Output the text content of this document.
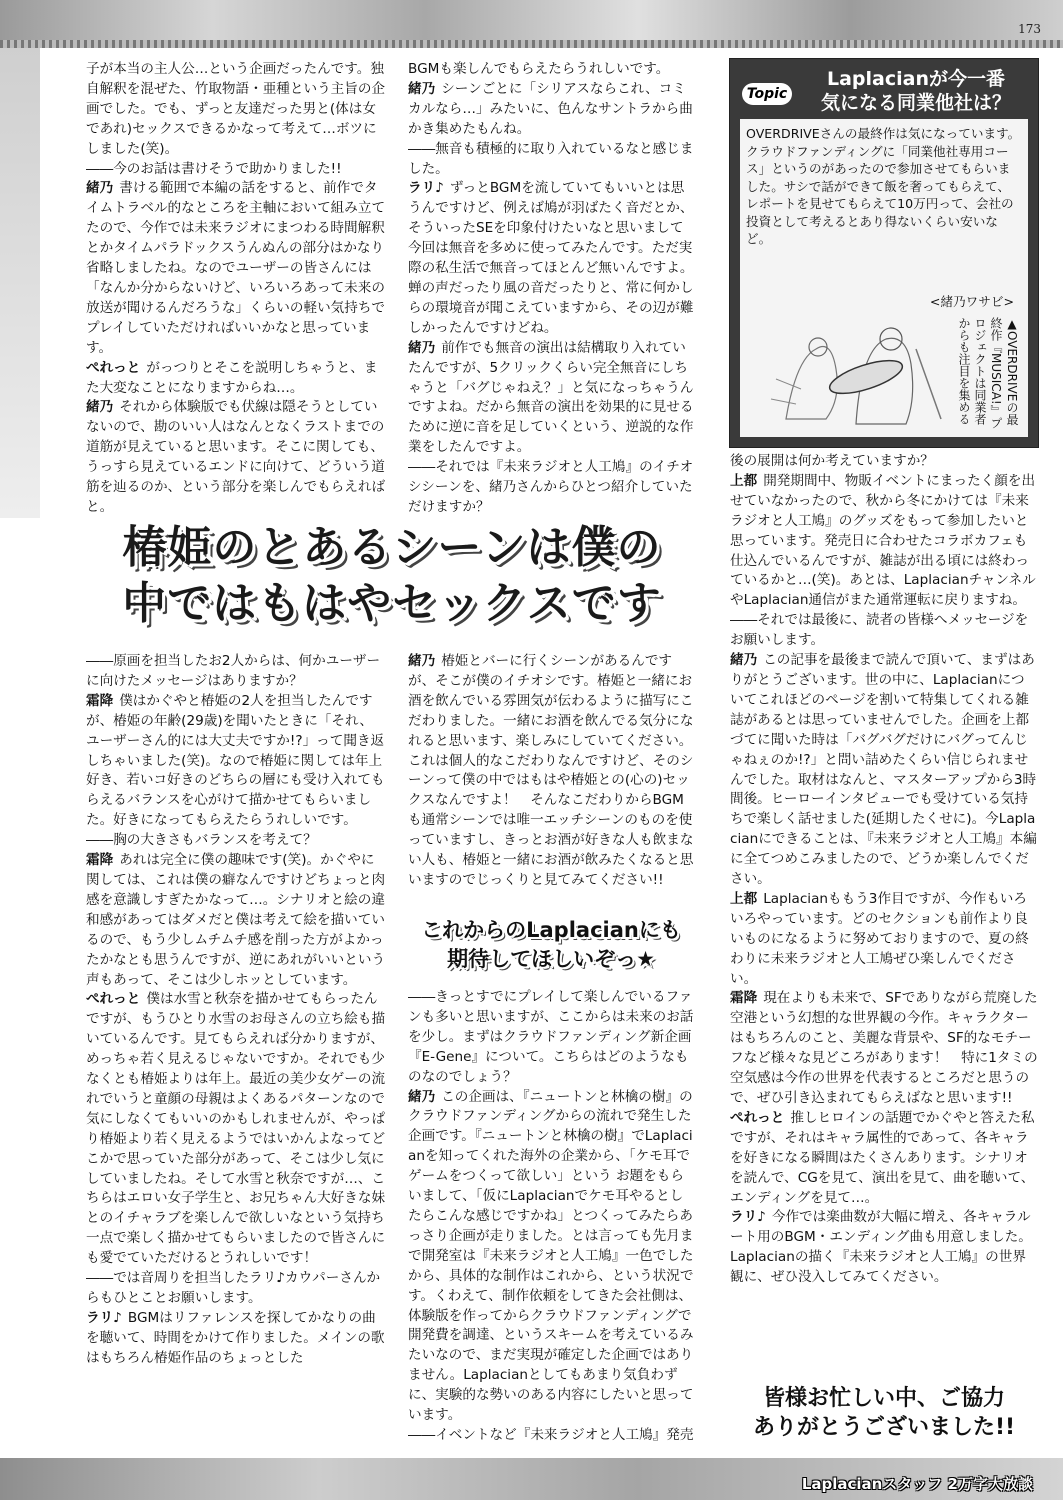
173

子が本当の主人公…という企画だったんです。独自解釈を混ぜた、竹取物語・亜種という主旨の企画でした。でも、ずっと友達だった男と(体は女であれ)セックスできるかなって考えて…ボツにしました(笑)。

――今のお話は書けそうで助かりました!!

緒乃 書ける範囲で本編の話をすると、前作でタイムトラベル的なところを主軸において組み立てたので、今作では未来ラジオにまつわる時間解釈とかタイムパラドックスうんぬんの部分はかなり省略しましたね。なのでユーザーの皆さんには「なんか分からないけど、いろいろあって未来の放送が聞けるんだろうな」くらいの軽い気持ちでプレイしていただければいいかなと思っています。

ぺれっと がっつりとそこを説明しちゃうと、また大変なことになりますからね…。

緒乃 それから体験版でも伏線は隠そうとしていないので、勘のいい人はなんとなくラストまでの道筋が見えていると思います。そこに関しても、うっすら見えているエンドに向けて、どういう道筋を辿るのか、という部分を楽しんでもらえればと。

BGMも楽しんでもらえたらうれしいです。

緒乃 シーンごとに「シリアスならこれ、コミカルなら…」みたいに、色んなサントラから曲かき集めたもんね。

――無音も積極的に取り入れているなと感じました。

ラリ♪ ずっとBGMを流していてもいいとは思うんですけど、例えば鳩が羽ばたく音だとか、そういったSEを印象付けたいなと思いまして今回は無音を多めに使ってみたんです。ただ実際の私生活で無音ってほとんど無いんですよ。蝉の声だったり風の音だったりと、常に何かしらの環境音が聞こえていますから、その辺が難しかったんですけどね。

緒乃 前作でも無音の演出は結構取り入れていたんですが、5クリックくらい完全無音にしちゃうと「バグじゃねえ？」と気になっちゃうんですよね。だから無音の演出を効果的に見せるために逆に音を足していくという、逆説的な作業をしたんですよ。

――それでは『未来ラジオと人工鳩』のイチオシシーンを、緒乃さんからひとつ紹介していただけますか？

椿姫のとあるシーンは僕の
中ではもはやセックスです

――原画を担当したお2人からは、何かユーザーに向けたメッセージはありますか？

霜降 僕はかぐやと椿姫の2人を担当したんですが、椿姫の年齢(29歳)を聞いたときに「それ、ユーザーさん的には大丈夫ですか!?」って聞き返しちゃいました(笑)。なので椿姫に関しては年上好き、若いコ好きのどちらの層にも受け入れてもらえるバランスを心がけて描かせてもらいました。好きになってもらえたらうれしいです。

――胸の大きさもバランスを考えて？

霜降 あれは完全に僕の趣味です(笑)。かぐやに関しては、これは僕の癖なんですけどちょっと肉感を意識しすぎたかなって…。シナリオと絵の違和感があってはダメだと僕は考えて絵を描いているので、もう少しムチムチ感を削った方がよかったかなとも思うんですが、逆にあれがいいという声もあって、そこは少しホッとしています。

ぺれっと 僕は水雪と秋奈を描かせてもらったんですが、もうひとり水雪のお母さんの立ち絵も描いているんです。見てもらえれば分かりますが、めっちゃ若く見えるじゃないですか。それでも少なくとも椿姫よりは年上。最近の美少女ゲーの流れでいうと童顔の母親はよくあるパターンなので気にしなくてもいいのかもしれませんが、やっぱり椿姫より若く見えるようではいかんよなってどこかで思っていた部分があって、そこは少し気にしていましたね。そして水雪と秋奈ですが…、こちらはエロい女子学生と、お兄ちゃん大好きな妹とのイチャラブを楽しんで欲しいなという気持ち一点で楽しく描かせてもらいましたので皆さんにも愛でていただけるとうれしいです！

――では音周りを担当したラリ♪カウパーさんからもひとことお願いします。

ラリ♪ BGMはリファレンスを探してかなりの曲を聴いて、時間をかけて作りました。メインの歌はもちろん椿姫作品のちょっとした

緒乃 椿姫とバーに行くシーンがあるんですが、そこが僕のイチオシです。椿姫と一緒にお酒を飲んでいる雰囲気が伝わるように描写にこだわりました。一緒にお酒を飲んでる気分になれると思います、楽しみにしていてください。これは個人的なこだわりなんですけど、そのシーンって僕の中ではもはや椿姫との(心の)セックスなんですよ！　そんなこだわりからBGMも通常シーンでは唯一エッチシーンのものを使っていますし、きっとお酒が好きな人も飲まない人も、椿姫と一緒にお酒が飲みたくなると思いますのでじっくりと見てみてください!!

これからのLaplacianにも
期待してほしいぞっ★

――きっとすでにプレイして楽しんでいるファンも多いと思いますが、ここからは未来のお話を少し。まずはクラウドファンディング新企画『E-Gene』について。こちらはどのようなものなのでしょう？

緒乃 この企画は、『ニュートンと林檎の樹』のクラウドファンディングからの流れで発生した企画です。『ニュートンと林檎の樹』でLaplacianを知ってくれた海外の企業から、「ケモ耳でゲームをつくって欲しい」という お題をもらいまして、「仮にLaplacianでケモ耳やるとしたらこんな感じですかね」とつくってみたらあっさり企画が走りました。とは言っても先月まで開発室は『未来ラジオと人工鳩』一色でしたから、具体的な制作はこれから、という状況です。くわえて、制作依頼をしてきた会社側は、体験版を作ってからクラウドファンディングで開発費を調達、というスキームを考えているみたいなので、まだ実現が確定した企画ではありません。Laplacianとしてもあまり気負わずに、実験的な勢いのある内容にしたいと思っています。

――イベントなど『未来ラジオと人工鳩』発売

Topic
Laplacianが今一番
気になる同業他社は？
OVERDRIVEさんの最終作は気になっています。クラウドファンディングに「同業他社専用コース」というのがあったので参加させてもらいました。サシで話ができて飯を奢ってもらえて、レポートを見せてもらえて10万円って、会社の投資として考えるとあり得ないくらい安いなど。
<緒乃ワサビ>
▲OVERDRIVEの最終作『MUSICA!』プロジェクトは同業者からも注目を集める

後の展開は何か考えていますか？

上都 開発期間中、物販イベントにまったく顔を出せていなかったので、秋から冬にかけては『未来ラジオと人工鳩』のグッズをもって参加したいと思っています。発売日に合わせたコラボカフェも仕込んでいるんですが、雑誌が出る頃には終わっているかと…(笑)。あとは、LaplacianチャンネルやLaplacian通信がまた通常運転に戻りますね。

――それでは最後に、読者の皆様へメッセージをお願いします。

緒乃 この記事を最後まで読んで頂いて、まずはありがとうございます。世の中に、Laplacianについてこれほどのページを割いて特集してくれる雑誌があるとは思っていませんでした。企画を上都づてに聞いた時は「バグバグだけにバグってんじゃねぇのか!?」と問い詰めたくらい信じられませんでした。取材はなんと、マスターアップから3時間後。ヒーローインタビューでも受けている気持ちで楽しく話せました(延期したくせに)。今Laplacianにできることは、『未来ラジオと人工鳩』本編に全てつめこみましたので、どうか楽しんでください。

上都 Laplacianももう3作目ですが、今作もいろいろやっています。どのセクションも前作より良いものになるように努めておりますので、夏の終わりに未来ラジオと人工鳩ぜひ楽しんでください。

霜降 現在よりも未来で、SFでありながら荒廃した空港という幻想的な世界観の今作。キャラクターはもちろんのこと、美麗な背景や、SF的なモチーフなど様々な見どころがあります！　特に1タミの空気感は今作の世界を代表するところだと思うので、ぜひ引き込まれてもらえばなと思います!!

ぺれっと 推しヒロインの話題でかぐやと答えた私ですが、それはキャラ属性的であって、各キャラを好きになる瞬間はたくさんあります。シナリオを読んで、CGを見て、演出を見て、曲を聴いて、エンディングを見て…。

ラリ♪ 今作では楽曲数が大幅に増え、各キャラルート用のBGM・エンディング曲も用意しました。Laplacianの描く『未来ラジオと人工鳩』の世界観に、ぜひ没入してみてください。

皆様お忙しい中、ご協力
ありがとうございました!!
Laplacianスタッフ 2万字大放談
